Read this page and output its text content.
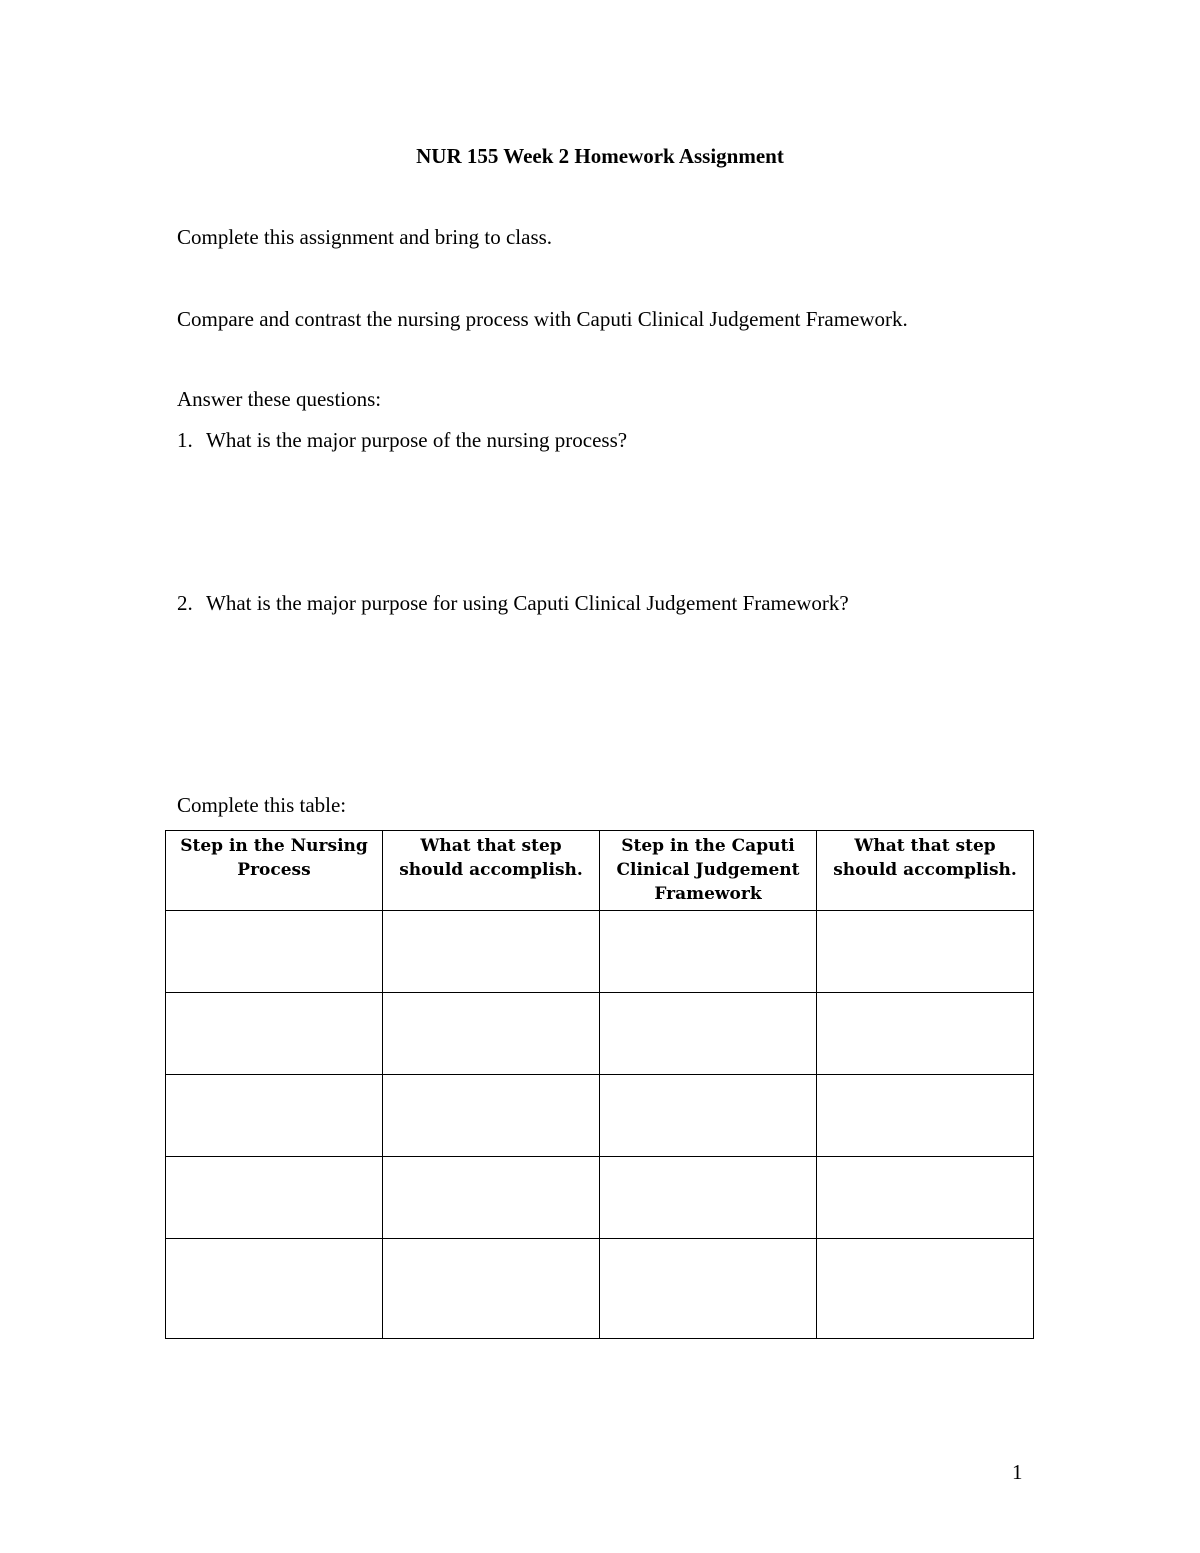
NUR 155 Week 2 Homework Assignment
Complete this assignment and bring to class.
Compare and contrast the nursing process with Caputi Clinical Judgement Framework.
Answer these questions:
1. What is the major purpose of the nursing process?
2. What is the major purpose for using Caputi Clinical Judgement Framework?
Complete this table:
Step in the Nursing Process	What that step should accomplish.	Step in the Caputi Clinical Judgement Framework	What that step should accomplish.

1
